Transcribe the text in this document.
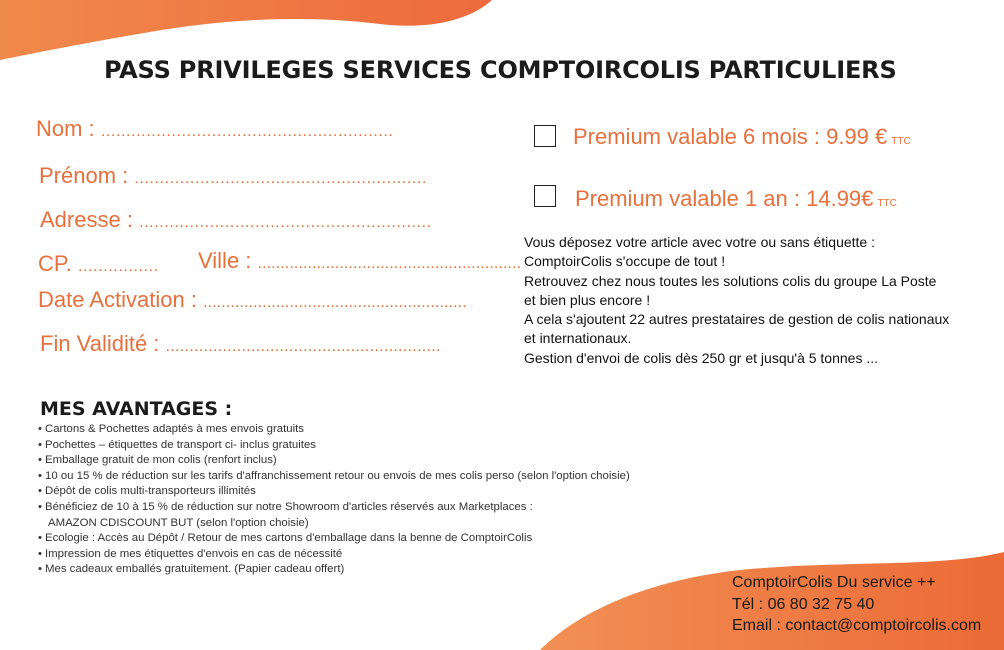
PASS PRIVILEGES SERVICES COMPTOIRCOLIS PARTICULIERS
Nom : ..........................................................
Prénom : ..........................................................
Adresse : ..........................................................
CP. ................ Ville : ..........................................................
Date Activation : ..........................................................
Fin Validité : ..........................................................
Premium valable 6 mois : 9.99 € TTC
Premium valable 1 an : 14.99€ TTC
Vous déposez votre article avec votre ou sans étiquette :
ComptoirColis s'occupe de tout !
Retrouvez chez nous toutes les solutions colis du groupe La Poste
et bien plus encore !
A cela s'ajoutent 22 autres prestataires de gestion de colis nationaux
et internationaux.
Gestion d'envoi de colis dès 250 gr et jusqu'à 5 tonnes ...
MES AVANTAGES :
• Cartons & Pochettes adaptés à mes envois gratuits
• Pochettes – étiquettes de transport ci- inclus gratuites
• Emballage gratuit de mon colis (renfort inclus)
• 10 ou 15 % de réduction sur les tarifs d'affranchissement retour ou envois de mes colis perso (selon l'option choisie)
• Dépôt de colis multi-transporteurs illimités
• Bénéficiez de 10 à 15 % de réduction sur notre Showroom d'articles réservés aux Marketplaces :
AMAZON CDISCOUNT BUT (selon l'option choisie)
• Ecologie : Accès au Dépôt / Retour de mes cartons d'emballage dans la benne de ComptoirColis
• Impression de mes étiquettes d'envois en cas de nécessité
• Mes cadeaux emballés gratuitement. (Papier cadeau offert)
ComptoirColis Du service ++
Tél : 06 80 32 75 40
Email : contact@comptoircolis.com
